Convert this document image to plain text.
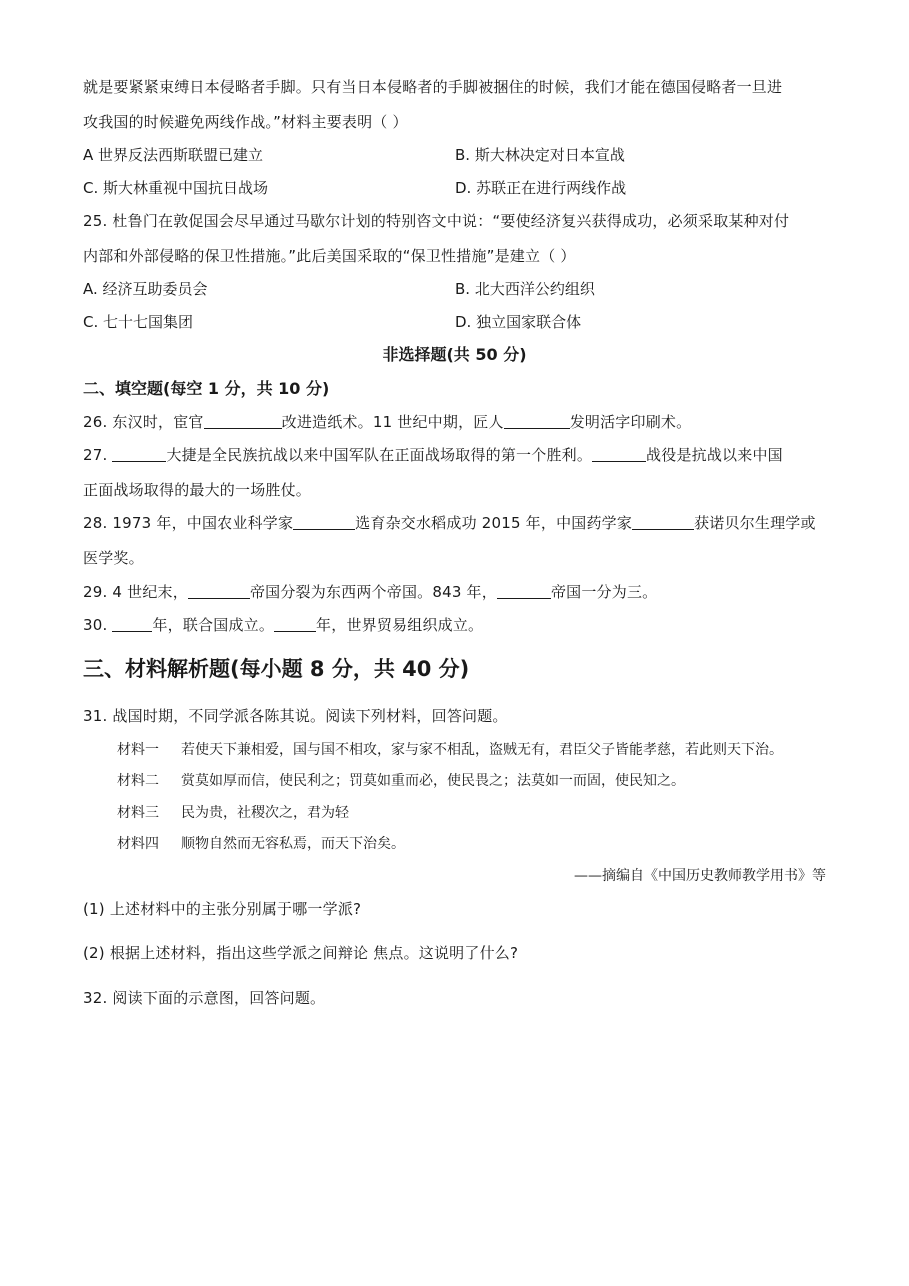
就是要紧紧束缚日本侵略者手脚。只有当日本侵略者的手脚被捆住的时候，我们才能在德国侵略者一旦进
攻我国的时候避免两线作战。”材料主要表明（ ）
A 世界反法西斯联盟已建立	B. 斯大林决定对日本宣战
C. 斯大林重视中国抗日战场	D. 苏联正在进行两线作战
25. 杜鲁门在敦促国会尽早通过马歇尔计划的特别咨文中说：“要使经济复兴获得成功，必须采取某种对付
内部和外部侵略的保卫性措施。”此后美国采取的“保卫性措施”是建立（ ）
A. 经济互助委员会	B. 北大西洋公约组织
C. 七十七国集团	D. 独立国家联合体
非选择题(共 50 分)
二、填空题(每空 1 分，共 10 分)
26. 东汉时，宦官	改进造纸术。11 世纪中期，匠人	发明活字印刷术。
27.	大捷是全民族抗战以来中国军队在正面战场取得的第一个胜利。	战役是抗战以来中国
正面战场取得的最大的一场胜仗。
28. 1973 年，中国农业科学家	选育杂交水稻成功 2015 年，中国药学家	获诺贝尔生理学或
医学奖。
29. 4 世纪末，	帝国分裂为东西两个帝国。843 年，	帝国一分为三。
30.	年，联合国成立。	年，世界贸易组织成立。
三、材料解析题(每小题 8 分，共 40 分)
31. 战国时期，不同学派各陈其说。阅读下列材料，回答问题。
材料一 若使天下兼相爱，国与国不相攻，家与家不相乱，盗贼无有，君臣父子皆能孝慈，若此则天下治。
材料二 赏莫如厚而信，使民利之；罚莫如重而必，使民畏之；法莫如一而固，使民知之。
材料三 民为贵，社稷次之，君为轻
材料四 顺物自然而无容私焉，而天下治矣。
——摘编自《中国历史教师教学用书》等
(1) 上述材料中的主张分别属于哪一学派?
(2) 根据上述材料，指出这些学派之间辩论 焦点。这说明了什么?
32. 阅读下面的示意图，回答问题。
